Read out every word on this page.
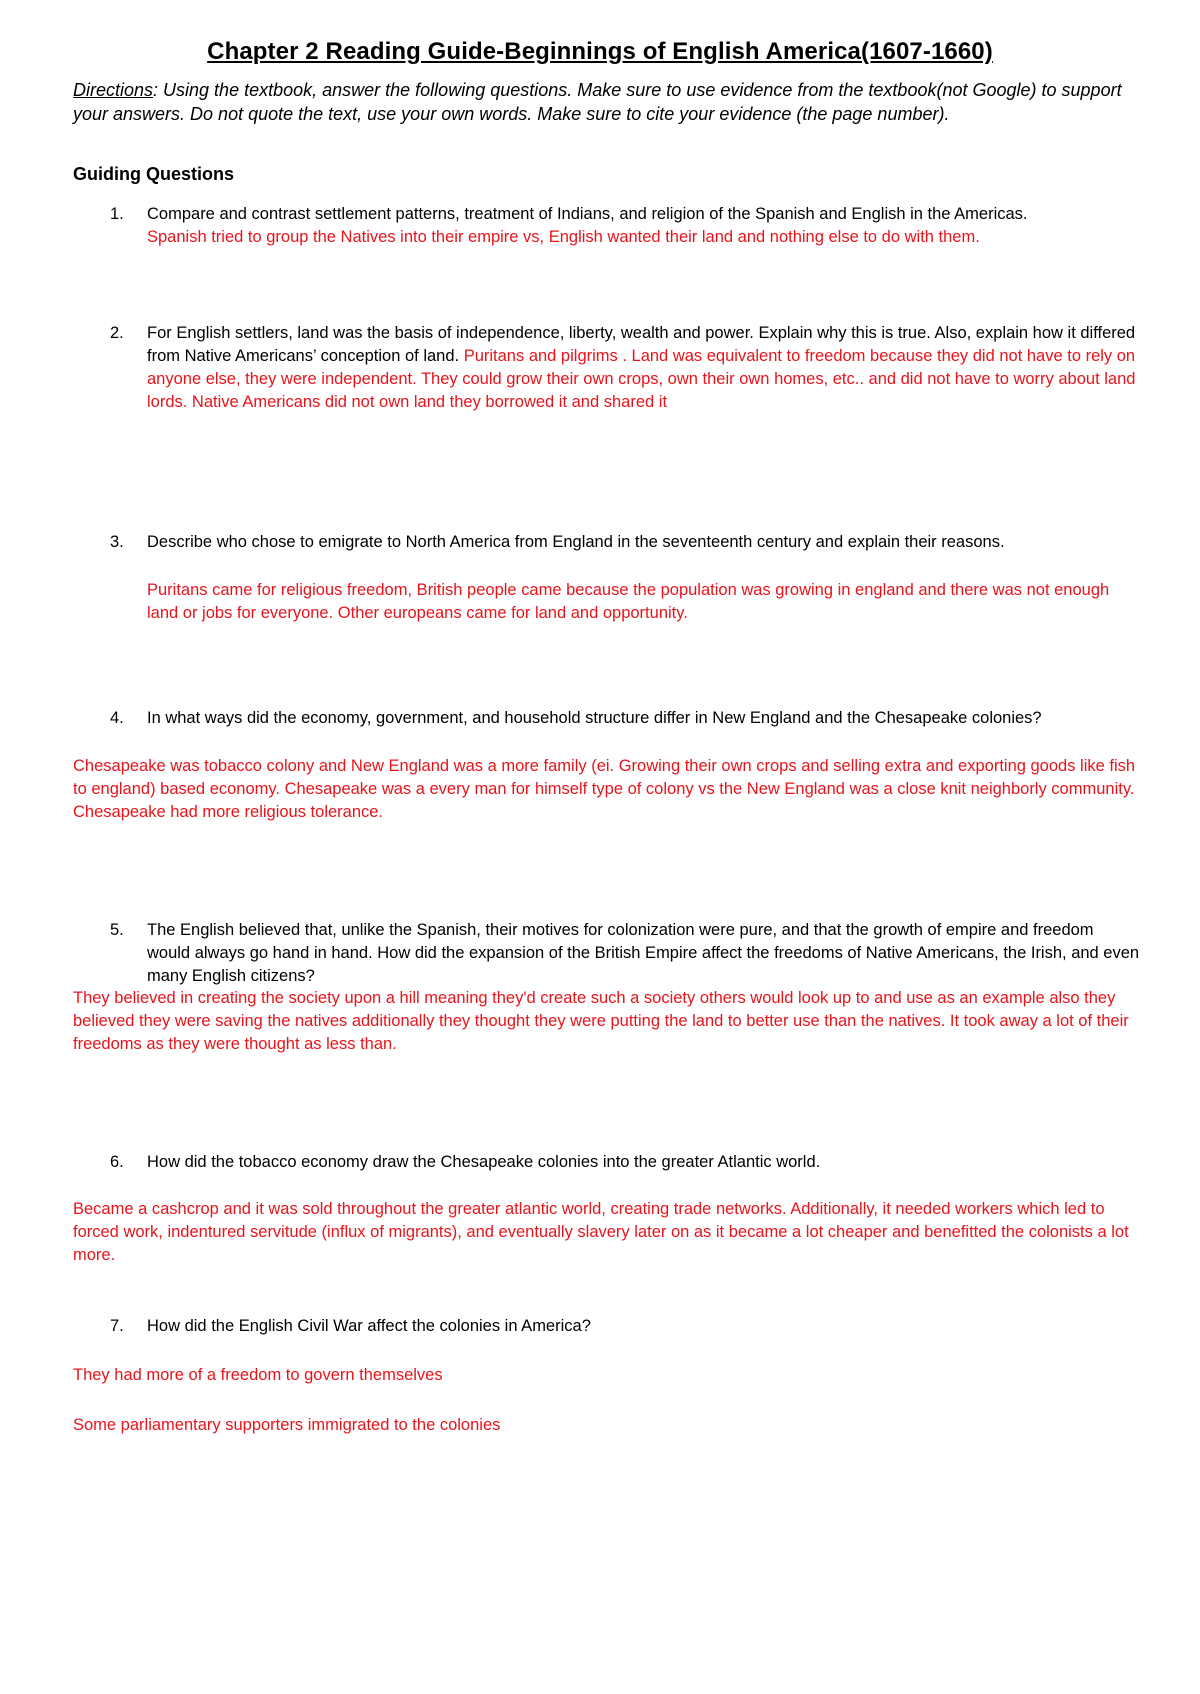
Chapter 2 Reading Guide-Beginnings of English America(1607-1660)
Directions: Using the textbook, answer the following questions. Make sure to use evidence from the textbook(not Google) to support your answers. Do not quote the text, use your own words. Make sure to cite your evidence (the page number).
Guiding Questions
1.	Compare and contrast settlement patterns, treatment of Indians, and religion of the Spanish and English in the Americas.
Spanish tried to group the Natives into their empire vs, English wanted their land and nothing else to do with them.
2.	For English settlers, land was the basis of independence, liberty, wealth and power. Explain why this is true. Also, explain how it differed from Native Americans’ conception of land. Puritans and pilgrims . Land was equivalent to freedom because they did not have to rely on anyone else, they were independent. They could grow their own crops, own their own homes, etc.. and did not have to worry about land lords. Native Americans did not own land they borrowed it and shared it
3.	Describe who chose to emigrate to North America from England in the seventeenth century and explain their reasons.
Puritans came for religious freedom, British people came because the population was growing in england and there was not enough land or jobs for everyone. Other europeans came for land and opportunity.
4.	In what ways did the economy, government, and household structure differ in New England and the Chesapeake colonies?
Chesapeake was tobacco colony and New England was a more family (ei. Growing their own crops and selling extra and exporting goods like fish to england) based economy. Chesapeake was a every man for himself type of colony vs the New England was a close knit neighborly community. Chesapeake had more religious tolerance.
5.	The English believed that, unlike the Spanish, their motives for colonization were pure, and that the growth of empire and freedom would always go hand in hand. How did the expansion of the British Empire affect the freedoms of Native Americans, the Irish, and even many English citizens?
They believed in creating the society upon a hill meaning they'd create such a society others would look up to and use as an example also they believed they were saving the natives additionally they thought they were putting the land to better use than the natives. It took away a lot of their freedoms as they were thought as less than.
6.	How did the tobacco economy draw the Chesapeake colonies into the greater Atlantic world.
Became a cashcrop and it was sold throughout the greater atlantic world, creating trade networks. Additionally, it needed workers which led to forced work, indentured servitude (influx of migrants), and eventually slavery later on as it became a lot cheaper and benefitted the colonists a lot more.
7.	How did the English Civil War affect the colonies in America?
They had more of a freedom to govern themselves
Some parliamentary supporters immigrated to the colonies
